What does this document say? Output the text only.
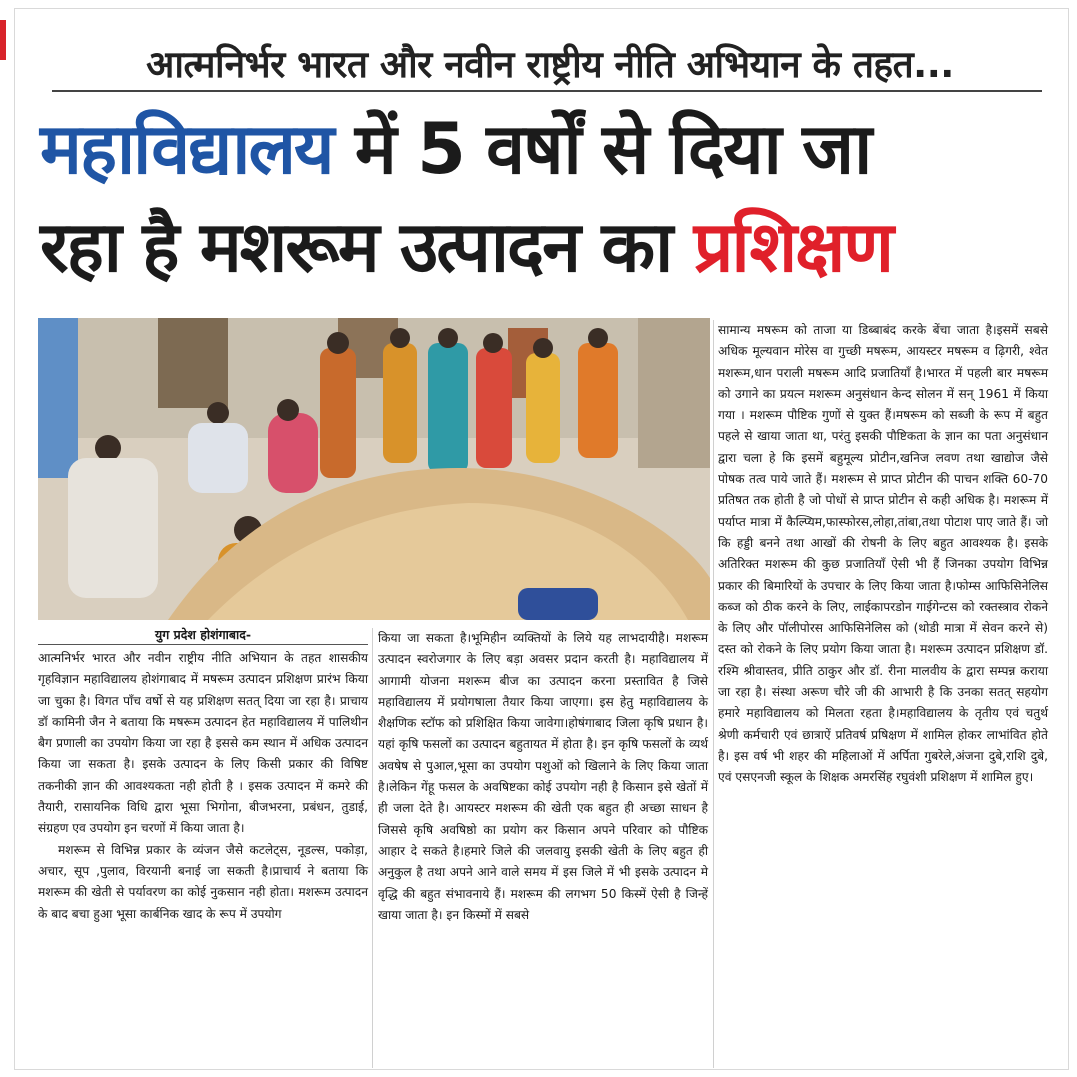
आत्मनिर्भर भारत और नवीन राष्ट्रीय नीति अभियान के तहत...
महाविद्यालय में 5 वर्षों से दिया जा
रहा है मशरूम उत्पादन का प्रशिक्षण
युग प्रदेश होशंगाबाद-

आत्मनिर्भर भारत और नवीन राष्ट्रीय नीति अभियान के तहत शासकीय गृहविज्ञान महाविद्यालय होशंगाबाद में मषरूम उत्पादन प्रशिक्षण प्रारंभ किया जा चुका है। विगत पाँच वर्षो से यह प्रशिक्षण सतत् दिया जा रहा है। प्राचाय डॉ कामिनी जैन ने बताया कि मषरूम उत्पादन हेत महाविद्यालय में पालिथीन बैग प्रणाली का उपयोग किया जा रहा है इससे कम स्थान में अधिक उत्पादन किया जा सकता है। इसके उत्पादन के लिए किसी प्रकार की विषिष्ट तकनीकी ज्ञान की आवश्यकता नही होती है । इसक उत्पादन में कमरे की तैयारी, रासायनिक विधि द्वारा भूसा भिगोना, बीजभरना, प्रबंधन, तुडाई, संग्रहण एव उपयोग इन चरणों में किया जाता है।

मशरूम से विभिन्न प्रकार के व्यंजन जैसे कटलेट्स, नूडल्स, पकोड़ा, अचार, सूप ,पुलाव, विरयानी बनाई जा सकती है।प्राचार्य ने बताया कि मशरूम की खेती से पर्यावरण का कोई नुकसान नही होता। मशरूम उत्पादन के बाद बचा हुआ भूसा कार्बनिक खाद के रूप में उपयोग

किया जा सकता है।भूमिहीन व्यक्तियों के लिये यह लाभदायीहै। मशरूम उत्पादन स्वरोजगार के लिए बड़ा अवसर प्रदान करती है। महाविद्यालय में आगामी योजना मशरूम बीज का उत्पादन करना प्रस्तावित है जिसे महाविद्यालय में प्रयोगषाला तैयार किया जाएगा। इस हेतु महाविद्यालय के शैक्षणिक स्टॉफ को प्रशिक्षित किया जावेगा।होषंगाबाद जिला कृषि प्रधान है। यहां कृषि फसलों का उत्पादन बहुतायत में होता है। इन कृषि फसलों के व्यर्थ अवषेष से पुआल,भूसा का उपयोग पशुओं को खिलाने के लिए किया जाता है।लेकिन गेंहू फसल के अवषिष्टका कोई उपयोग नही है किसान इसे खेतों में ही जला देते है। आयस्टर मशरूम की खेती एक बहुत ही अच्छा साधन है जिससे कृषि अवषिष्ठो का प्रयोग कर किसान अपने परिवार को पौष्टिक आहार दे सकते है।हमारे जिले की जलवायु इसकी खेती के लिए बहुत ही अनुकुल है तथा अपने आने वाले समय में इस जिले में भी इसके उत्पादन मे वृद्धि की बहुत संभावनाये हैं। मशरूम की लगभग 50 किस्में ऐसी है जिन्हें खाया जाता है। इन किस्मों में सबसे

सामान्य मषरूम को ताजा या डिब्बाबंद करके बेंचा जाता है।इसमें सबसे अधिक मूल्यवान मोरेस वा गुच्छी मषरूम, आयस्टर मषरूम व ढ़िगरी, श्वेत मशरूम,धान पराली मषरूम आदि प्रजातियाँ है।भारत में पहली बार मषरूम को उगाने का प्रयत्न मशरूम अनुसंधान केन्द सोलन में सन् 1961 में किया गया । मशरूम पौष्टिक गुणों से युक्त हैं।मषरूम को सब्जी के रूप में बहुत पहले से खाया जाता था, परंतु इसकी पौष्टिकता के ज्ञान का पता अनुसंधान द्वारा चला हे कि इसमें बहुमूल्य प्रोटीन,खनिज लवण तथा खाद्योज जैसे पोषक तत्व पाये जाते हैं। मशरूम से प्राप्त प्रोटीन की पाचन शक्ति 60-70 प्रतिषत तक होती है जो पोधों से प्राप्त प्रोटीन से कही अधिक है। मशरूम में पर्याप्त मात्रा में कैल्प्यिम,फास्फोरस,लोहा,तांबा,तथा पोटाश पाए जाते हैं। जो कि हड्डी बनने तथा आखों की रोषनी के लिए बहुत आवश्यक है। इसके अतिरिक्त मशरूम की कुछ प्रजातियाँ ऐसी भी हैं जिनका उपयोग विभिन्न प्रकार की बिमारियों के उपचार के लिए किया जाता है।फोम्स आफिसिनेलिस कब्ज को ठीक करने के लिए, लाईकापरडोन गाईगेन्टस को रक्तस्त्राव रोकने के लिए और पॉलीपोरस आफिसिनेलिस को (थोडी मात्रा में सेवन करने से) दस्त को रोकने के लिए प्रयोग किया जाता है। मशरूम उत्पादन प्रशिक्षण डॉ. रश्मि श्रीवास्तव, प्रीति ठाकुर और डॉ. रीना मालवीय के द्वारा सम्पन्न कराया जा रहा है। संस्था अरूण चौरे जी की आभारी है कि उनका सतत् सहयोग हमारे महाविद्यालय को मिलता रहता है।महाविद्यालय के तृतीय एवं चतुर्थ श्रेणी कर्मचारी एवं छात्राऐं प्रतिवर्ष प्रषिक्षण में शामिल होकर लाभांवित होते है। इस वर्ष भी शहर की महिलाओं में अर्पिता गुबरेले,अंजना दुबे,राशि दुबे, एवं एसएनजी स्कूल के शिक्षक अमरसिंह रघुवंशी प्रशिक्षण में शामिल हुए।
